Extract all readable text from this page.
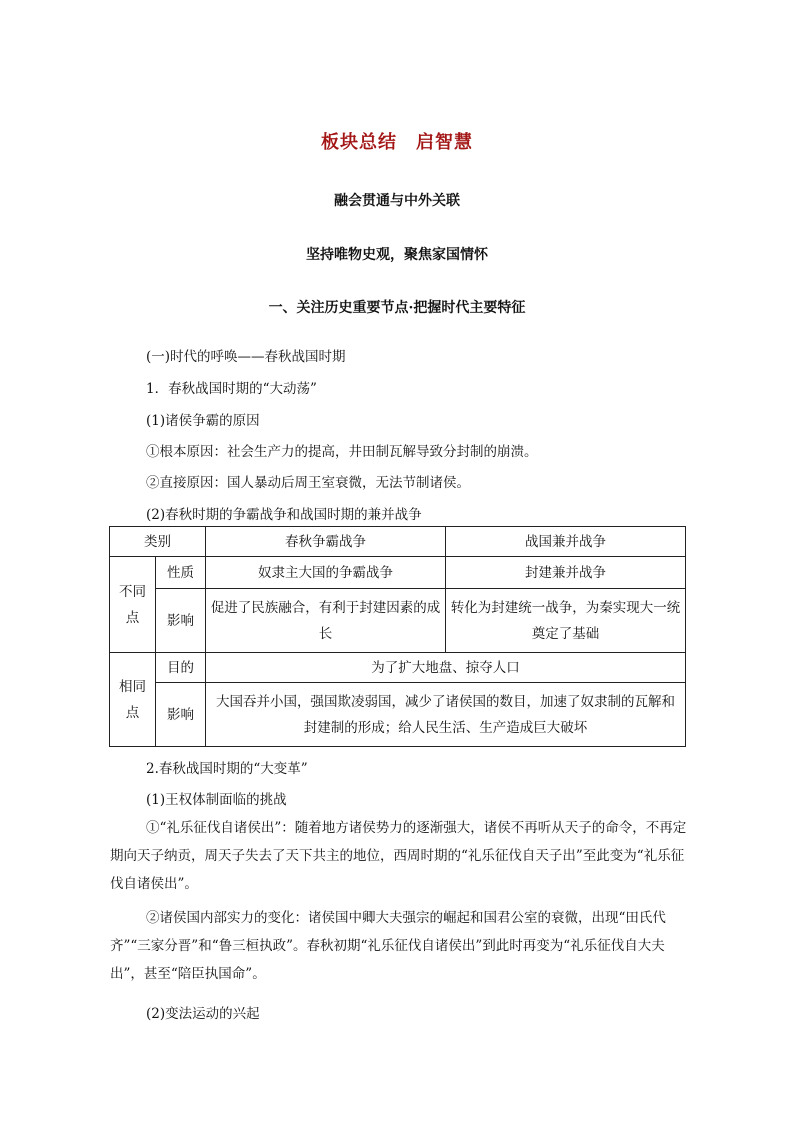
板块总结　启智慧
融会贯通与中外关联
坚持唯物史观，聚焦家国情怀
一、关注历史重要节点·把握时代主要特征
(一)时代的呼唤——春秋战国时期
1．春秋战国时期的“大动荡”
(1)诸侯争霸的原因
①根本原因：社会生产力的提高，井田制瓦解导致分封制的崩溃。
②直接原因：国人暴动后周王室衰微，无法节制诸侯。
(2)春秋时期的争霸战争和战国时期的兼并战争
类别		春秋争霸战争	战国兼并战争
不同点	性质	奴隶主大国的争霸战争	封建兼并战争
	影响	促进了民族融合，有利于封建因素的成长	转化为封建统一战争，为秦实现大一统奠定了基础
相同点	目的	为了扩大地盘、掠夺人口	
	影响	大国吞并小国，强国欺凌弱国，减少了诸侯国的数目，加速了奴隶制的瓦解和封建制的形成；给人民生活、生产造成巨大破坏	
2.春秋战国时期的“大变革”
(1)王权体制面临的挑战
①“礼乐征伐自诸侯出”：随着地方诸侯势力的逐渐强大，诸侯不再听从天子的命令，不再定期向天子纳贡，周天子失去了天下共主的地位，西周时期的“礼乐征伐自天子出”至此变为“礼乐征伐自诸侯出”。
②诸侯国内部实力的变化：诸侯国中卿大夫强宗的崛起和国君公室的衰微，出现“田氏代齐”“三家分晋”和“鲁三桓执政”。春秋初期“礼乐征伐自诸侯出”到此时再变为“礼乐征伐自大夫出”，甚至“陪臣执国命”。
(2)变法运动的兴起
